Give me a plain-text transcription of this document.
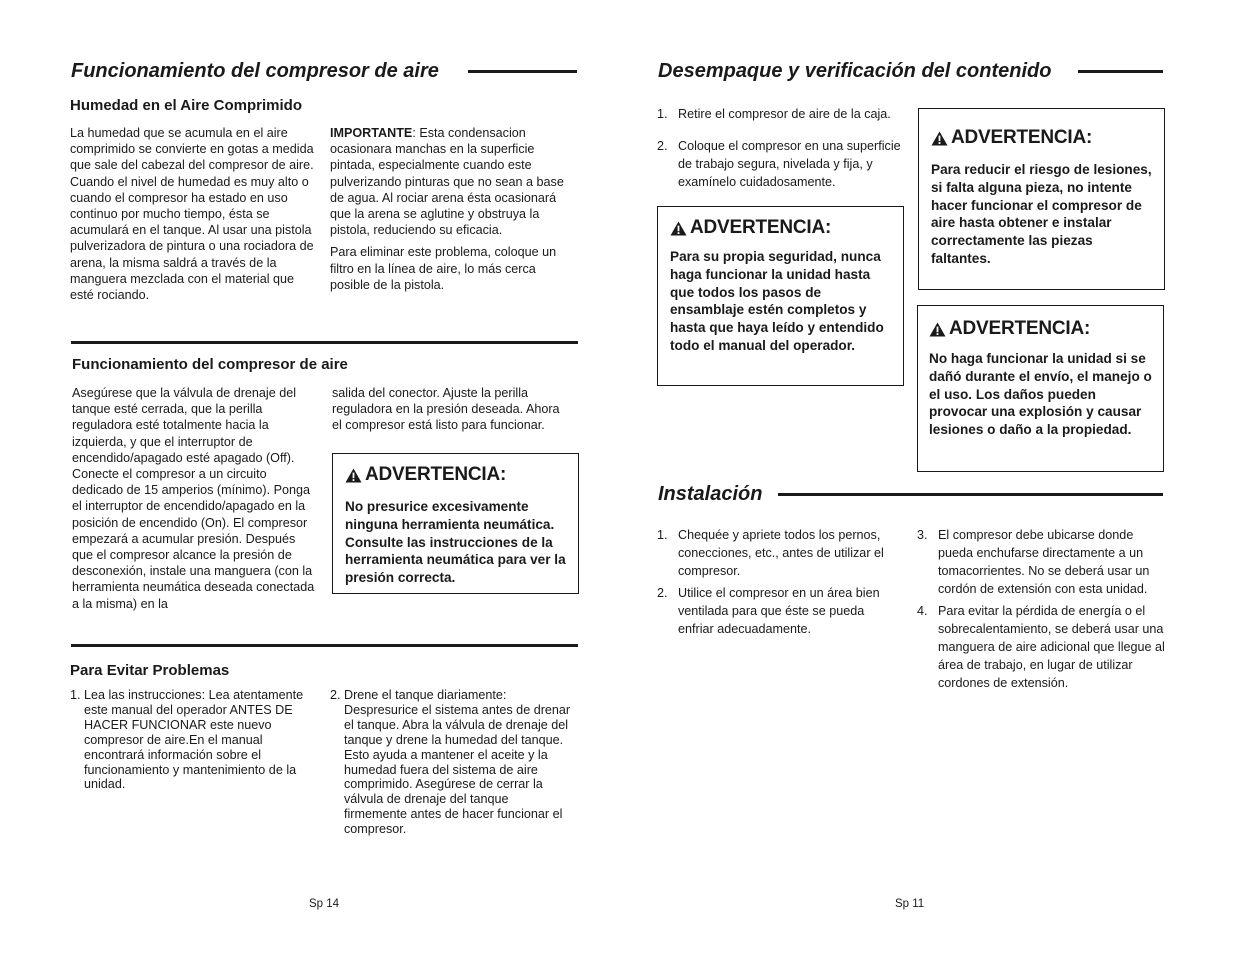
Funcionamiento del compresor de aire
Humedad en el Aire Comprimido
La humedad que se acumula en el aire comprimido se convierte en gotas a medida que sale del cabezal del compresor de aire. Cuando el nivel de humedad es muy alto o cuando el compresor ha estado en uso continuo por mucho tiempo, ésta se acumulará en el tanque. Al usar una pistola pulverizadora de pintura o una rociadora de arena, la misma saldrá a través de la manguera mezclada con el material que esté rociando.

IMPORTANTE: Esta condensacion ocasionara manchas en la superficie pintada, especialmente cuando este pulverizando pinturas que no sean a base de agua. Al rociar arena ésta ocasionará que la arena se aglutine y obstruya la pistola, reduciendo su eficacia.

Para eliminar este problema, coloque un filtro en la línea de aire, lo más cerca posible de la pistola.

Funcionamiento del compresor de aire
Asegúrese que la válvula de drenaje del tanque esté cerrada, que la perilla reguladora esté totalmente hacia la izquierda, y que el interruptor de encendido/apagado esté apagado (Off). Conecte el compresor a un circuito dedicado de 15 amperios (mínimo). Ponga el interruptor de encendido/apagado en la posición de encendido (On). El compresor empezará a acumular presión. Después que el compresor alcance la presión de desconexión, instale una manguera (con la herramienta neumática deseada conectada a la misma) en la
salida del conector. Ajuste la perilla reguladora en la presión deseada. Ahora el compresor está listo para funcionar.
ADVERTENCIA:
No presurice excesivamente ninguna herramienta neumática. Consulte las instrucciones de la herramienta neumática para ver la presión correcta.
Para Evitar Problemas
1. Lea las instrucciones: Lea atentamente este manual del operador ANTES DE HACER FUNCIONAR este nuevo compresor de aire.En el manual encontrará información sobre el funcionamiento y mantenimiento de la unidad.
2. Drene el tanque diariamente: Despresurice el sistema antes de drenar el tanque. Abra la válvula de drenaje del tanque y drene la humedad del tanque. Esto ayuda a mantener el aceite y la humedad fuera del sistema de aire comprimido. Asegúrese de cerrar la válvula de drenaje del tanque firmemente antes de hacer funcionar el compresor.
Sp 14
Desempaque y verificación del contenido
1. Retire el compresor de aire de la caja.
2. Coloque el compresor en una superficie de trabajo segura, nivelada y fija, y examínelo cuidadosamente.
ADVERTENCIA:
Para su propia seguridad, nunca haga funcionar la unidad hasta que todos los pasos de ensamblaje estén completos y hasta que haya leído y entendido todo el manual del operador.
ADVERTENCIA:
Para reducir el riesgo de lesiones, si falta alguna pieza, no intente hacer funcionar el compresor de aire hasta obtener e instalar correctamente las piezas faltantes.
ADVERTENCIA:
No haga funcionar la unidad si se dañó durante el envío, el manejo o el uso. Los daños pueden provocar una explosión y causar lesiones o daño a la propiedad.
Instalación
1. Chequée y apriete todos los pernos, conecciones, etc., antes de utilizar el compresor.
2. Utilice el compresor en un área bien ventilada para que éste se pueda enfriar adecuadamente.
3. El compresor debe ubicarse donde pueda enchufarse directamente a un tomacorrientes. No se deberá usar un cordón de extensión con esta unidad.
4. Para evitar la pérdida de energía o el sobrecalentamiento, se deberá usar una manguera de aire adicional que llegue al área de trabajo, en lugar de utilizar cordones de extensión.
Sp 11
